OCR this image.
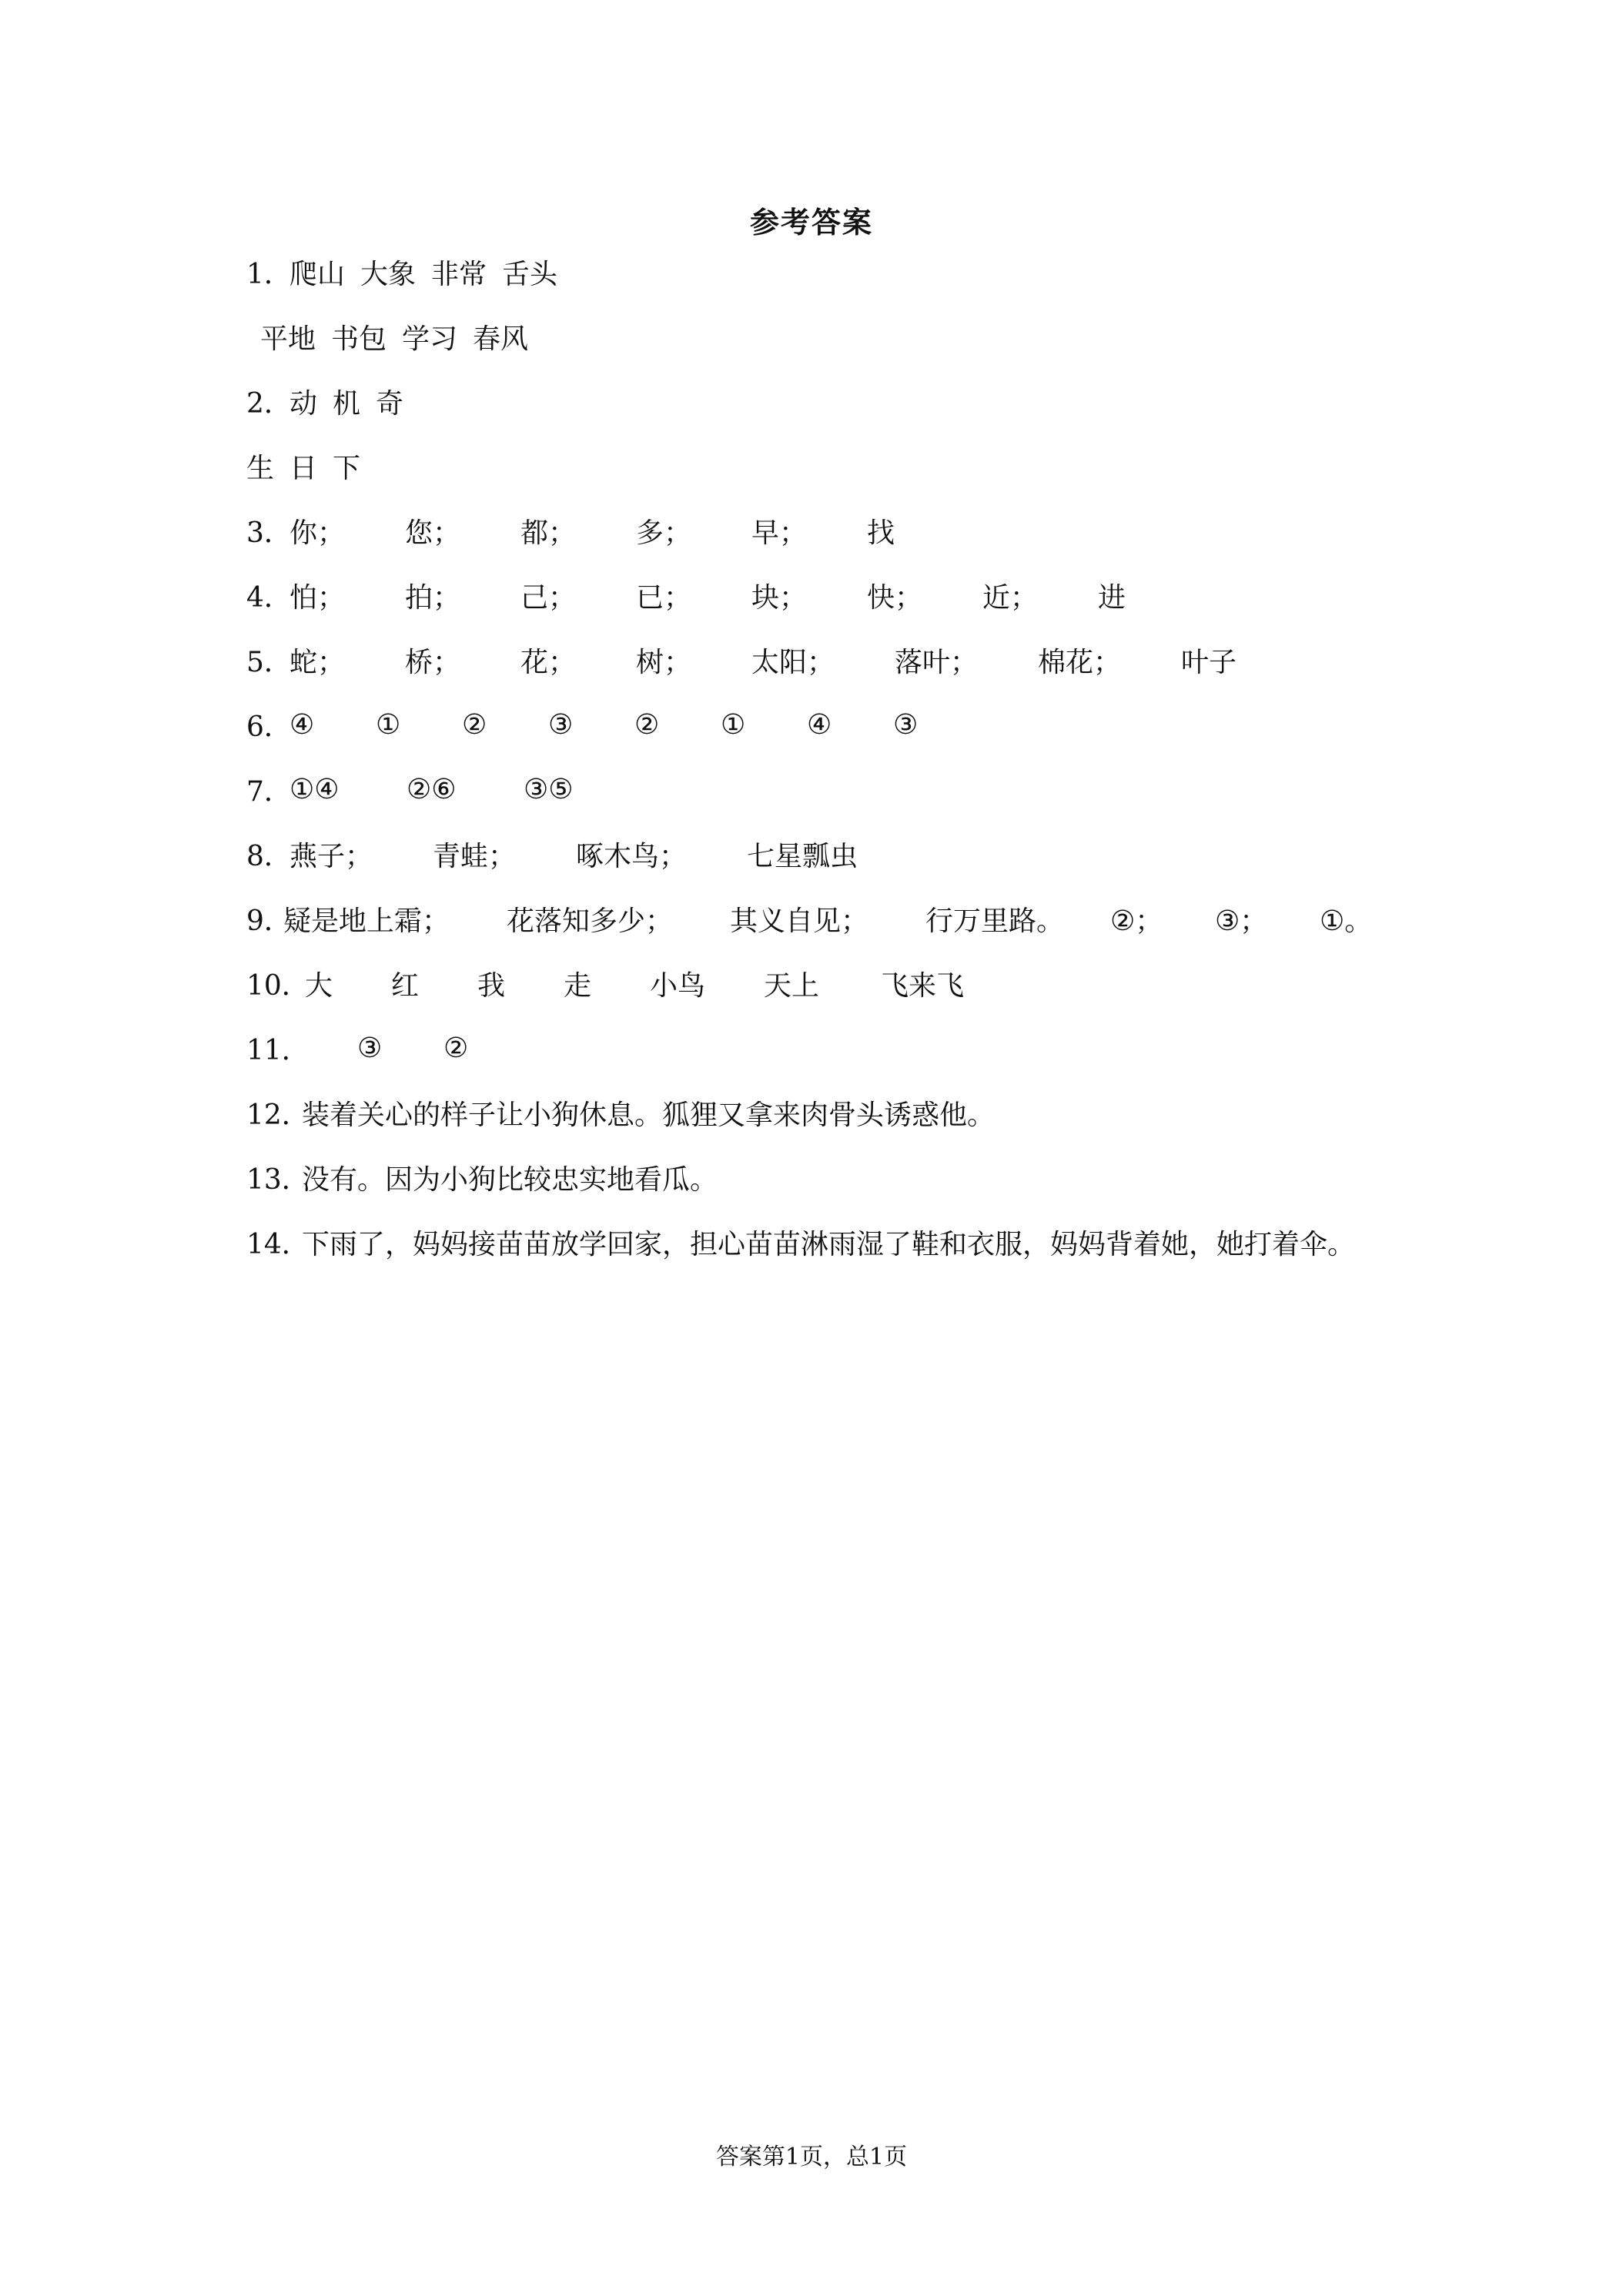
参考答案
1．
爬山 大象 非常 舌头
平地 书包 学习 春风
2．
动 机 奇
生 日 下
3．
你；	您；	都；	多；	早；	找
4．
怕；	拍；	己；	已；	块；	快；	近；	进
5．
蛇；	桥；	花；	树；	太阳；	落叶；	棉花；	叶子
6．
④	①	②	③	②	①	④	③
7．
①④	②⑥	③⑤
8．
燕子；	青蛙；	啄木鸟；	七星瓢虫
9．
疑是地上霜；	花落知多少；	其义自见；	行万里路。	②；	③；	①。
10．
大	红	我	走	小鸟	天上	飞来飞
11．	③	②
12．
装着关心的样子让小狗休息。狐狸又拿来肉骨头诱惑他。
13．
没有。因为小狗比较忠实地看瓜。
14．
下雨了，妈妈接苗苗放学回家，担心苗苗淋雨湿了鞋和衣服，妈妈背着她，她打着伞。
答案第1页，总1页
